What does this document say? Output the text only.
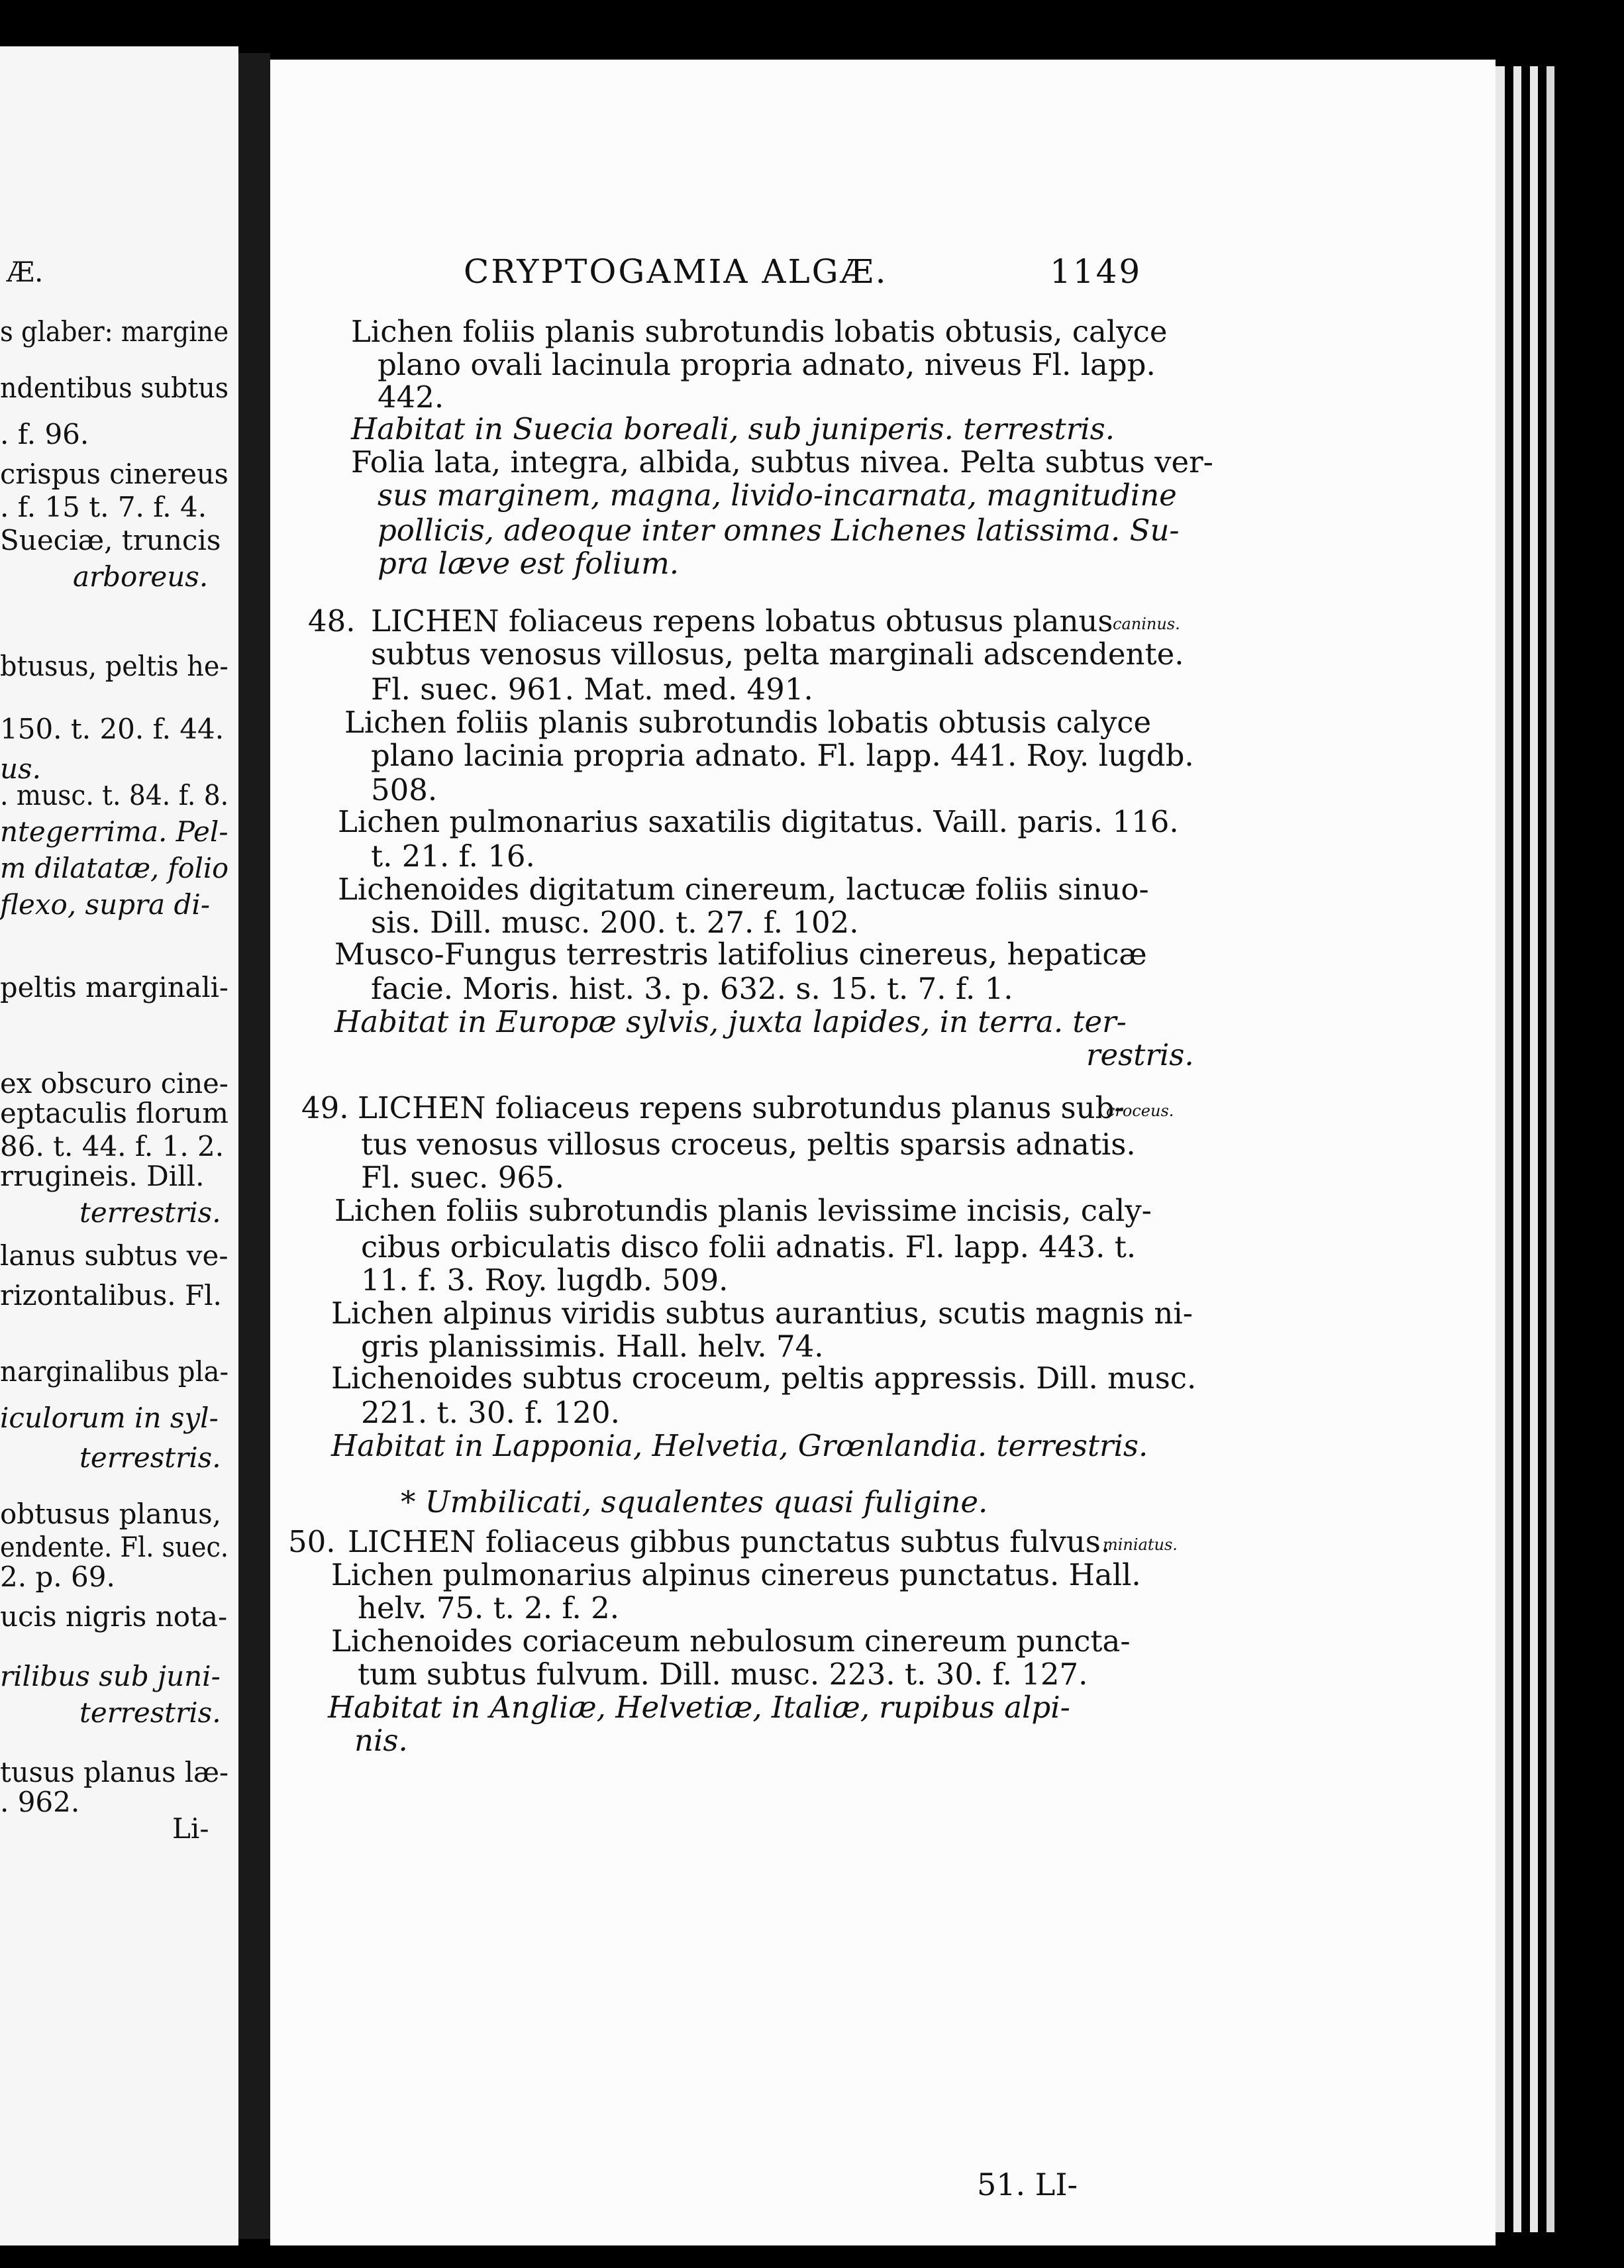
Æ.
s glaber: margine
ndentibus subtus
. f. 96.
crispus cinereus
. f. 15 t. 7. f. 4.
Sueciæ, truncis
arboreus.
btusus, peltis he-
150. t. 20. f. 44.
us.
. musc. t. 84. f. 8.
ntegerrima. Pel-
m dilatatæ, folio
flexo, supra di-
peltis marginali-
ex obscuro cine-
eptaculis florum
86. t. 44. f. 1. 2.
rrugineis. Dill.
terrestris.
lanus subtus ve-
rizontalibus. Fl.
narginalibus pla-
iculorum in syl-
terrestris.
obtusus planus,
endente. Fl. suec.
2. p. 69.
ucis nigris nota-
rilibus sub juni-
terrestris.
tusus planus læ-
. 962.
Li-
CRYPTOGAMIA ALGÆ.	1149
Lichen foliis planis subrotundis lobatis obtusis, calyce
plano ovali lacinula propria adnato, niveus Fl. lapp.
442.
Habitat in Suecia boreali, sub juniperis. terrestris.
Folia lata, integra, albida, subtus nivea. Pelta subtus ver-
sus marginem, magna, livido-incarnata, magnitudine
pollicis, adeoque inter omnes Lichenes latissima. Su-
pra læve est folium.
48.	caninus.
LICHEN foliaceus repens lobatus obtusus planus
subtus venosus villosus, pelta marginali adscendente.
Fl. suec. 961. Mat. med. 491.
Lichen foliis planis subrotundis lobatis obtusis calyce
plano lacinia propria adnato. Fl. lapp. 441. Roy. lugdb.
508.
Lichen pulmonarius saxatilis digitatus. Vaill. paris. 116.
t. 21. f. 16.
Lichenoides digitatum cinereum, lactucæ foliis sinuo-
sis. Dill. musc. 200. t. 27. f. 102.
Musco-Fungus terrestris latifolius cinereus, hepaticæ
facie. Moris. hist. 3. p. 632. s. 15. t. 7. f. 1.
Habitat in Europæ sylvis, juxta lapides, in terra. ter-
restris.
49.	croceus.
LICHEN foliaceus repens subrotundus planus sub-
tus venosus villosus croceus, peltis sparsis adnatis.
Fl. suec. 965.
Lichen foliis subrotundis planis levissime incisis, caly-
cibus orbiculatis disco folii adnatis. Fl. lapp. 443. t.
11. f. 3. Roy. lugdb. 509.
Lichen alpinus viridis subtus aurantius, scutis magnis ni-
gris planissimis. Hall. helv. 74.
Lichenoides subtus croceum, peltis appressis. Dill. musc.
221. t. 30. f. 120.
Habitat in Lapponia, Helvetia, Grœnlandia. terrestris.
* Umbilicati, squalentes quasi fuligine.
50.	miniatus.
LICHEN foliaceus gibbus punctatus subtus fulvus.
Lichen pulmonarius alpinus cinereus punctatus. Hall.
helv. 75. t. 2. f. 2.
Lichenoides coriaceum nebulosum cinereum puncta-
tum subtus fulvum. Dill. musc. 223. t. 30. f. 127.
Habitat in Angliæ, Helvetiæ, Italiæ, rupibus alpi-
nis.
51. LI-
